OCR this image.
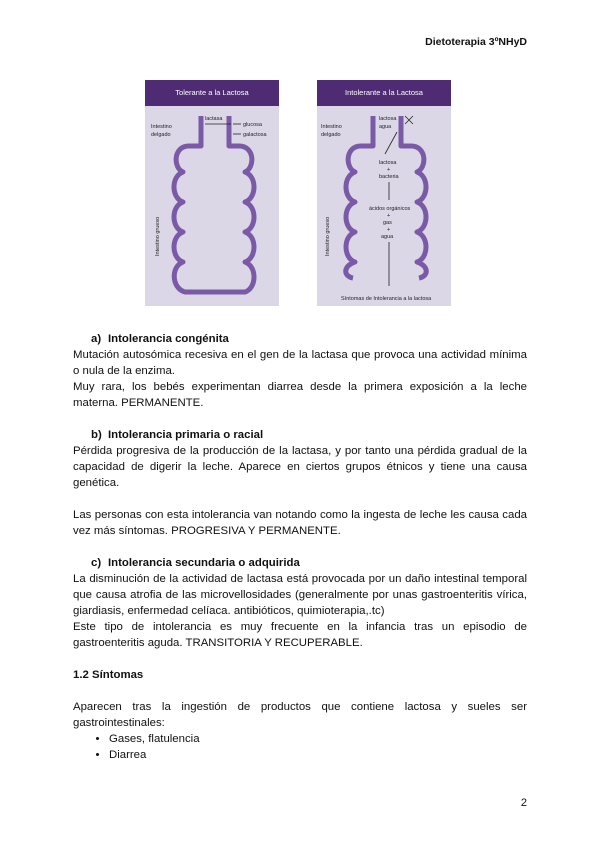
Dietoterapia 3ºNHyD
Tolerante a la Lactosa
Intestino
delgado
lactasa
glucosa
galactosa
Intestino grueso
Intolerante a la Lactosa
Intestino
delgado
lactosa
agua
lactosa
+
bacteria
ácidos orgánicos
+
gas
+
agua
Síntomas de Intolerancia a la lactosa
Intestino grueso
a) Intolerancia congénita

Mutación autosómica recesiva en el gen de la lactasa que provoca una actividad mínima o nula de la enzima.

Muy rara, los bebés experimentan diarrea desde la primera exposición a la leche materna. PERMANENTE.

b) Intolerancia primaria o racial

Pérdida progresiva de la producción de la lactasa, y por tanto una pérdida gradual de la capacidad de digerir la leche. Aparece en ciertos grupos étnicos y tiene una causa genética.

Las personas con esta intolerancia van notando como la ingesta de leche les causa cada vez más síntomas. PROGRESIVA Y PERMANENTE.

c) Intolerancia secundaria o adquirida

La disminución de la actividad de lactasa está provocada por un daño intestinal temporal que causa atrofia de las microvellosidades (generalmente por unas gastroenteritis vírica, giardiasis, enfermedad celíaca. antibióticos, quimioterapia,.tc)

Este tipo de intolerancia es muy frecuente en la infancia tras un episodio de gastroenteritis aguda. TRANSITORIA Y RECUPERABLE.

1.2 Síntomas

Aparecen tras la ingestión de productos que contiene lactosa y sueles ser gastrointestinales:

• Gases, flatulencia
• Diarrea
2
